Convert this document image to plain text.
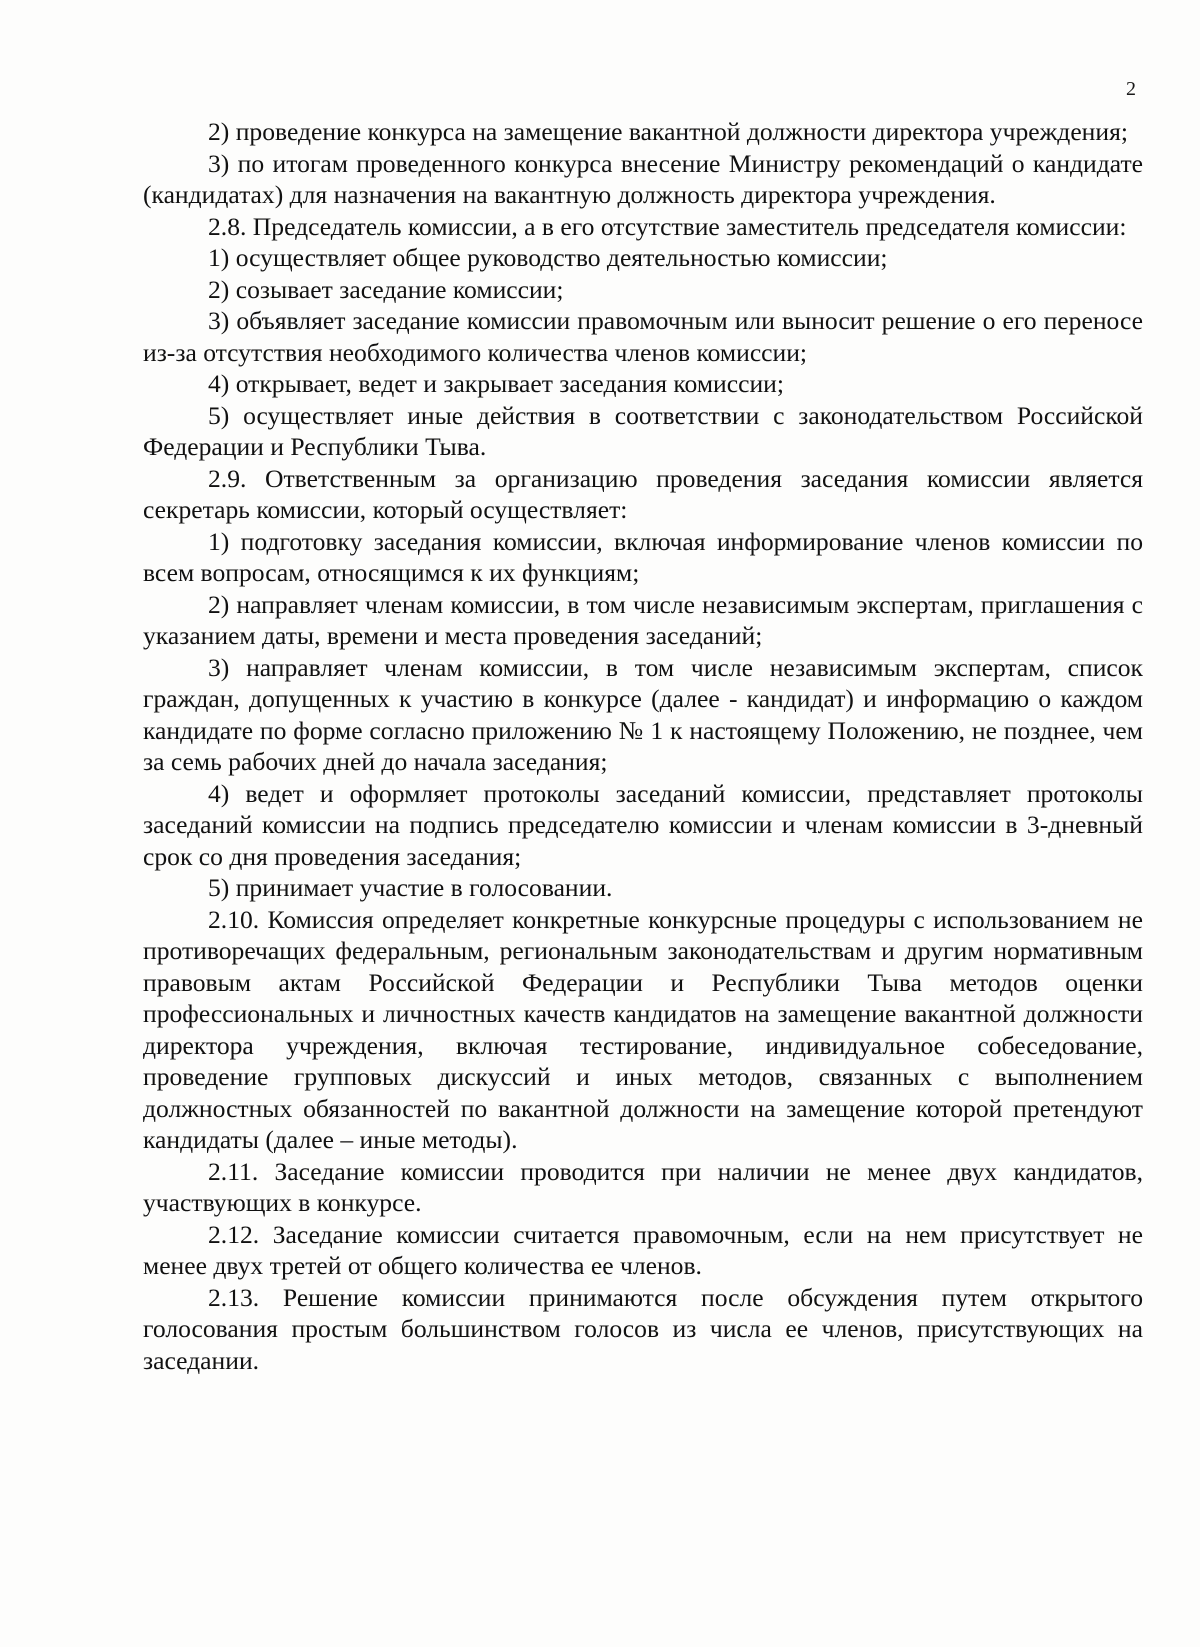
2

2) проведение конкурса на замещение вакантной должности директора учреждения;

3) по итогам проведенного конкурса внесение Министру рекомендаций о кандидате (кандидатах) для назначения на вакантную должность директора учреждения.

2.8. Председатель комиссии, а в его отсутствие заместитель председателя комиссии:

1) осуществляет общее руководство деятельностью комиссии;

2) созывает заседание комиссии;

3) объявляет заседание комиссии правомочным или выносит решение о его переносе из-за отсутствия необходимого количества членов комиссии;

4) открывает, ведет и закрывает заседания комиссии;

5) осуществляет иные действия в соответствии с законодательством Российской Федерации и Республики Тыва.

2.9. Ответственным за организацию проведения заседания комиссии является секретарь комиссии, который осуществляет:

1) подготовку заседания комиссии, включая информирование членов комиссии по всем вопросам, относящимся к их функциям;

2) направляет членам комиссии, в том числе независимым экспертам, приглашения с указанием даты, времени и места проведения заседаний;

3) направляет членам комиссии, в том числе независимым экспертам, список граждан, допущенных к участию в конкурсе (далее - кандидат) и информацию о каждом кандидате по форме согласно приложению № 1 к настоящему Положению, не позднее, чем за семь рабочих дней до начала заседания;

4) ведет и оформляет протоколы заседаний комиссии, представляет протоколы заседаний комиссии на подпись председателю комиссии и членам комиссии в 3-дневный срок со дня проведения заседания;

5) принимает участие в голосовании.

2.10. Комиссия определяет конкретные конкурсные процедуры с использованием не противоречащих федеральным, региональным законодательствам и другим нормативным правовым актам Российской Федерации и Республики Тыва методов оценки профессиональных и личностных качеств кандидатов на замещение вакантной должности директора учреждения, включая тестирование, индивидуальное собеседование, проведение групповых дискуссий и иных методов, связанных с выполнением должностных обязанностей по вакантной должности на замещение которой претендуют кандидаты (далее – иные методы).

2.11. Заседание комиссии проводится при наличии не менее двух кандидатов, участвующих в конкурсе.

2.12. Заседание комиссии считается правомочным, если на нем присутствует не менее двух третей от общего количества ее членов.

2.13. Решение комиссии принимаются после обсуждения путем открытого голосования простым большинством голосов из числа ее членов, присутствующих на заседании.
